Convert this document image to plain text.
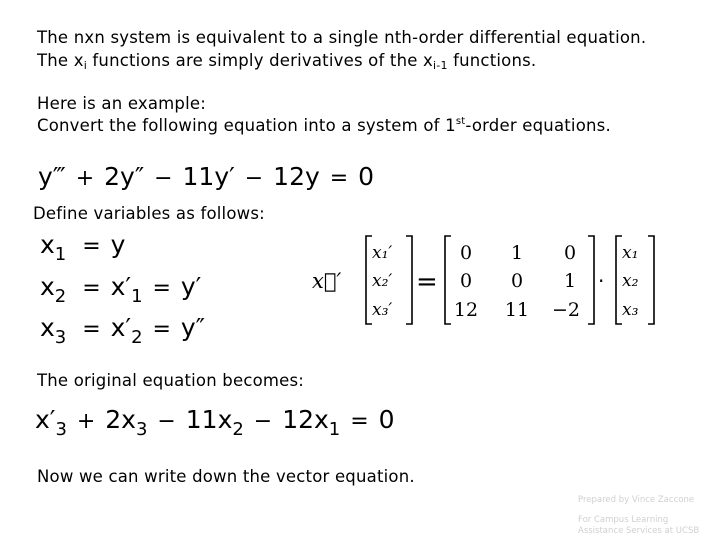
The nxn system is equivalent to a single nth-order differential equation.
The xi functions are simply derivatives of the xi-1 functions.
Here is an example:
Convert the following equation into a system of 1st-order equations.
y‴ + 2y″ − 11y′ − 12y = 0
Define variables as follows:
$x_1 = y$
$x_2 = x'_1 = y'$
$x_3 = x'_2 = y''$
x⃗′
x₁′
x₂′
x₃′
=
0 1 0
0 0 1
12 11 −2
·
x₁
x₂
x₃
The original equation becomes:
$x'_3 + 2x_3 - 11x_2 - 12x_1 = 0$
Now we can write down the vector equation.
Prepared by Vince Zaccone
For Campus Learning
Assistance Services at UCSB
